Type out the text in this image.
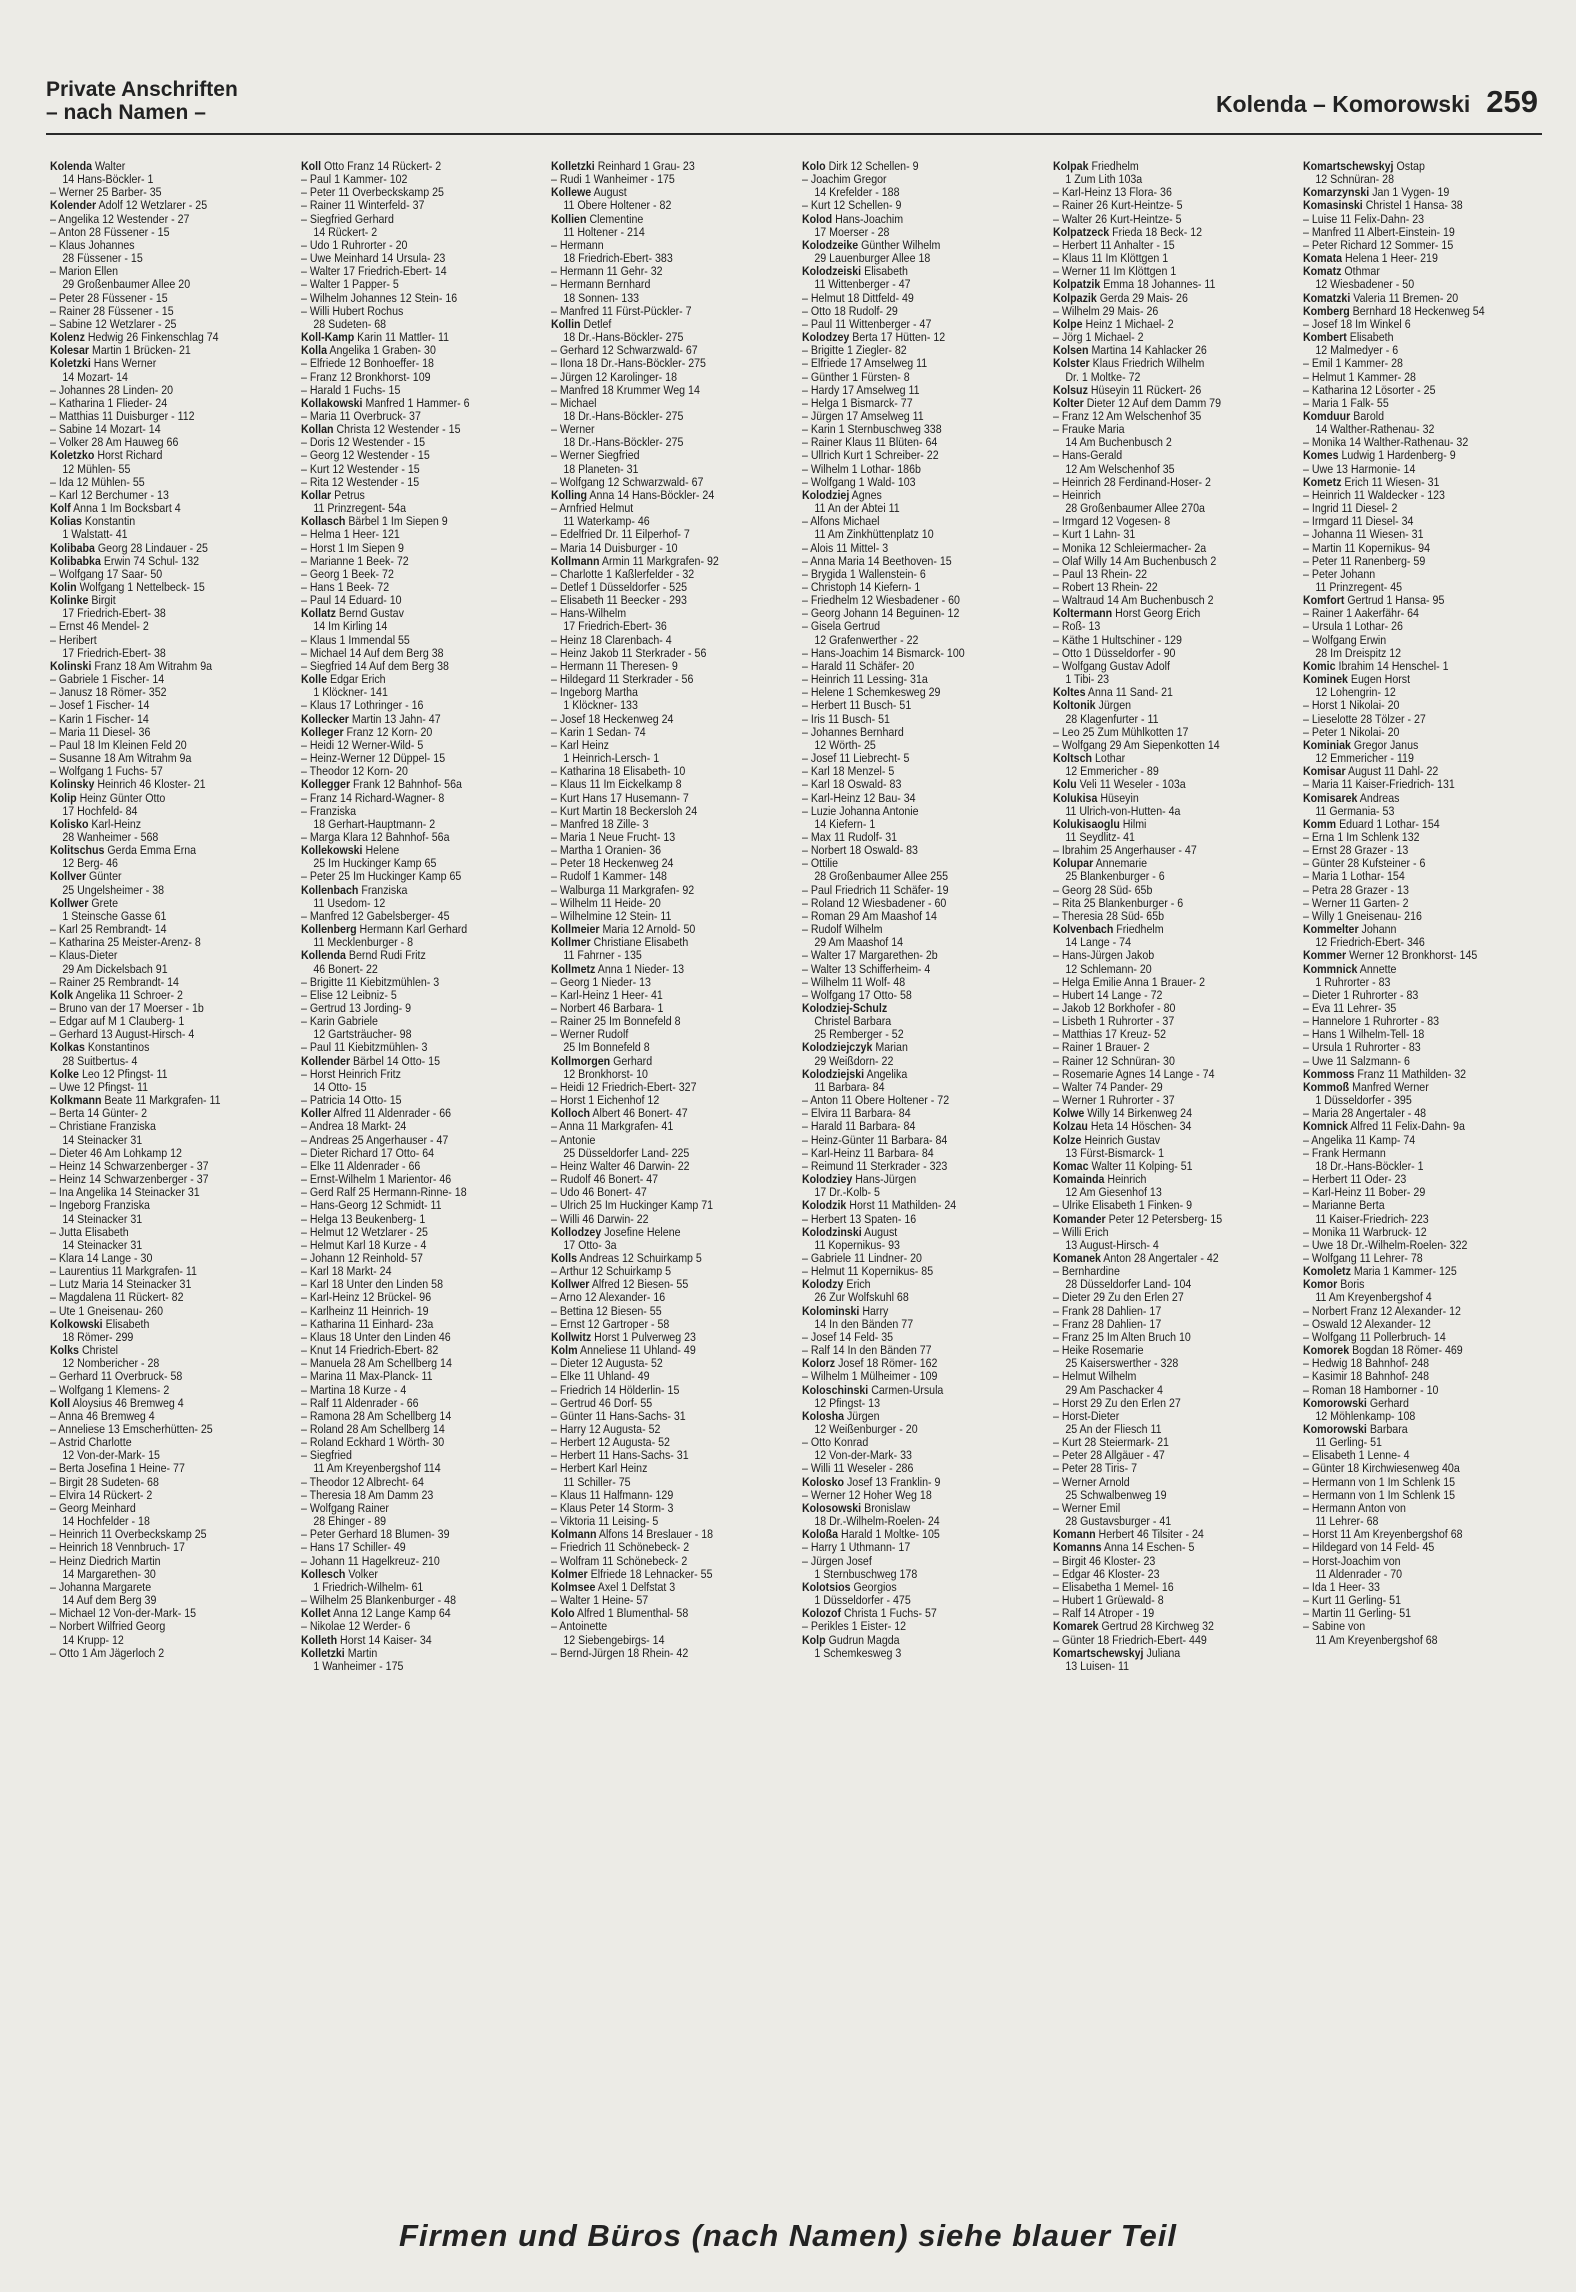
Private Anschriften
– nach Namen –	Kolenda – Komorowski 259
Kolenda Walter
14 Hans-Böckler- 1
– Werner 25 Barber- 35
Kolender Adolf 12 Wetzlarer - 25
– Angelika 12 Westender - 27
– Anton 28 Füssener - 15
– Klaus Johannes
28 Füssener - 15
– Marion Ellen
29 Großenbaumer Allee 20
– Peter 28 Füssener - 15
– Rainer 28 Füssener - 15
– Sabine 12 Wetzlarer - 25
Kolenz Hedwig 26 Finkenschlag 74
Kolesar Martin 1 Brücken- 21
Koletzki Hans Werner
14 Mozart- 14
– Johannes 28 Linden- 20
– Katharina 1 Flieder- 24
– Matthias 11 Duisburger - 112
– Sabine 14 Mozart- 14
– Volker 28 Am Hauweg 66
Koletzko Horst Richard
12 Mühlen- 55
– Ida 12 Mühlen- 55
– Karl 12 Berchumer - 13
Kolf Anna 1 Im Bocksbart 4
Kolias Konstantin
1 Walstatt- 41
Kolibaba Georg 28 Lindauer - 25
Kolibabka Erwin 74 Schul- 132
– Wolfgang 17 Saar- 50
Kolin Wolfgang 1 Nettelbeck- 15
Kolinke Birgit
17 Friedrich-Ebert- 38
– Ernst 46 Mendel- 2
– Heribert
17 Friedrich-Ebert- 38
Kolinski Franz 18 Am Witrahm 9a
– Gabriele 1 Fischer- 14
– Janusz 18 Römer- 352
– Josef 1 Fischer- 14
– Karin 1 Fischer- 14
– Maria 11 Diesel- 36
– Paul 18 Im Kleinen Feld 20
– Susanne 18 Am Witrahm 9a
– Wolfgang 1 Fuchs- 57
Kolinsky Heinrich 46 Kloster- 21
Kolip Heinz Günter Otto
17 Hochfeld- 84
Kolisko Karl-Heinz
28 Wanheimer - 568
Kolitschus Gerda Emma Erna
12 Berg- 46
Kollver Günter
25 Ungelsheimer - 38
Kollwer Grete
1 Steinsche Gasse 61
– Karl 25 Rembrandt- 14
– Katharina 25 Meister-Arenz- 8
– Klaus-Dieter
29 Am Dickelsbach 91
– Rainer 25 Rembrandt- 14
Kolk Angelika 11 Schroer- 2
– Bruno van der 17 Moerser - 1b
– Edgar auf M 1 Clauberg- 1
– Gerhard 13 August-Hirsch- 4
Kolkas Konstantinos
28 Suitbertus- 4
Kolke Leo 12 Pfingst- 11
– Uwe 12 Pfingst- 11
Kolkmann Beate 11 Markgrafen- 11
– Berta 14 Günter- 2
– Christiane Franziska
14 Steinacker 31
– Dieter 46 Am Lohkamp 12
– Heinz 14 Schwarzenberger - 37
– Heinz 14 Schwarzenberger - 37
– Ina Angelika 14 Steinacker 31
– Ingeborg Franziska
14 Steinacker 31
– Jutta Elisabeth
14 Steinacker 31
– Klara 14 Lange - 30
– Laurentius 11 Markgrafen- 11
– Lutz Maria 14 Steinacker 31
– Magdalena 11 Rückert- 82
– Ute 1 Gneisenau- 260
Kolkowski Elisabeth
18 Römer- 299
Kolks Christel
12 Nombericher - 28
– Gerhard 11 Overbruck- 58
– Wolfgang 1 Klemens- 2
Koll Aloysius 46 Bremweg 4
– Anna 46 Bremweg 4
– Anneliese 13 Emscherhütten- 25
– Astrid Charlotte
12 Von-der-Mark- 15
– Berta Josefina 1 Heine- 77
– Birgit 28 Sudeten- 68
– Elvira 14 Rückert- 2
– Georg Meinhard
14 Hochfelder - 18
– Heinrich 11 Overbeckskamp 25
– Heinrich 18 Vennbruch- 17
– Heinz Diedrich Martin
14 Margarethen- 30
– Johanna Margarete
14 Auf dem Berg 39
– Michael 12 Von-der-Mark- 15
– Norbert Wilfried Georg
14 Krupp- 12
– Otto 1 Am Jägerloch 2
Koll Otto Franz 14 Rückert- 2
– Paul 1 Kammer- 102
– Peter 11 Overbeckskamp 25
– Rainer 11 Winterfeld- 37
– Siegfried Gerhard
14 Rückert- 2
– Udo 1 Ruhrorter - 20
– Uwe Meinhard 14 Ursula- 23
– Walter 17 Friedrich-Ebert- 14
– Walter 1 Papper- 5
– Wilhelm Johannes 12 Stein- 16
– Willi Hubert Rochus
28 Sudeten- 68
Koll-Kamp Karin 11 Mattler- 11
Kolla Angelika 1 Graben- 30
– Elfriede 12 Bonhoeffer- 18
– Franz 12 Bronkhorst- 109
– Harald 1 Fuchs- 15
Kollakowski Manfred 1 Hammer- 6
– Maria 11 Overbruck- 37
Kollan Christa 12 Westender - 15
– Doris 12 Westender - 15
– Georg 12 Westender - 15
– Kurt 12 Westender - 15
– Rita 12 Westender - 15
Kollar Petrus
11 Prinzregent- 54a
Kollasch Bärbel 1 Im Siepen 9
– Helma 1 Heer- 121
– Horst 1 Im Siepen 9
– Marianne 1 Beek- 72
– Georg 1 Beek- 72
– Hans 1 Beek- 72
– Paul 14 Eduard- 10
Kollatz Bernd Gustav
14 Im Kirling 14
– Klaus 1 Immendal 55
– Michael 14 Auf dem Berg 38
– Siegfried 14 Auf dem Berg 38
Kolle Edgar Erich
1 Klöckner- 141
– Klaus 17 Lothringer - 16
Kollecker Martin 13 Jahn- 47
Kolleger Franz 12 Korn- 20
– Heidi 12 Werner-Wild- 5
– Heinz-Werner 12 Düppel- 15
– Theodor 12 Korn- 20
Kollegger Frank 12 Bahnhof- 56a
– Franz 14 Richard-Wagner- 8
– Franziska
18 Gerhart-Hauptmann- 2
– Marga Klara 12 Bahnhof- 56a
Kollekowski Helene
25 Im Huckinger Kamp 65
– Peter 25 Im Huckinger Kamp 65
Kollenbach Franziska
11 Usedom- 12
– Manfred 12 Gabelsberger- 45
Kollenberg Hermann Karl Gerhard
11 Mecklenburger - 8
Kollenda Bernd Rudi Fritz
46 Bonert- 22
– Brigitte 11 Kiebitzmühlen- 3
– Elise 12 Leibniz- 5
– Gertrud 13 Jording- 9
– Karin Gabriele
12 Gartsträucher- 98
– Paul 11 Kiebitzmühlen- 3
Kollender Bärbel 14 Otto- 15
– Horst Heinrich Fritz
14 Otto- 15
– Patricia 14 Otto- 15
Koller Alfred 11 Aldenrader - 66
– Andrea 18 Markt- 24
– Andreas 25 Angerhauser - 47
– Dieter Richard 17 Otto- 64
– Elke 11 Aldenrader - 66
– Ernst-Wilhelm 1 Marientor- 46
– Gerd Ralf 25 Hermann-Rinne- 18
– Hans-Georg 12 Schmidt- 11
– Helga 13 Beukenberg- 1
– Helmut 12 Wetzlarer - 25
– Helmut Karl 18 Kurze - 4
– Johann 12 Reinhold- 57
– Karl 18 Markt- 24
– Karl 18 Unter den Linden 58
– Karl-Heinz 12 Brückel- 96
– Karlheinz 11 Heinrich- 19
– Katharina 11 Einhard- 23a
– Klaus 18 Unter den Linden 46
– Knut 14 Friedrich-Ebert- 82
– Manuela 28 Am Schellberg 14
– Marina 11 Max-Planck- 11
– Martina 18 Kurze - 4
– Ralf 11 Aldenrader - 66
– Ramona 28 Am Schellberg 14
– Roland 28 Am Schellberg 14
– Roland Eckhard 1 Wörth- 30
– Siegfried
11 Am Kreyenbergshof 114
– Theodor 12 Albrecht- 64
– Theresia 18 Am Damm 23
– Wolfgang Rainer
28 Ehinger - 89
– Peter Gerhard 18 Blumen- 39
– Hans 17 Schiller- 49
– Johann 11 Hagelkreuz- 210
Kollesch Volker
1 Friedrich-Wilhelm- 61
– Wilhelm 25 Blankenburger - 48
Kollet Anna 12 Lange Kamp 64
– Nikolae 12 Werder- 6
Kolleth Horst 14 Kaiser- 34
Kolletzki Martin
1 Wanheimer - 175
Kolletzki Reinhard 1 Grau- 23
– Rudi 1 Wanheimer - 175
Kollewe August
11 Obere Holtener - 82
Kollien Clementine
11 Holtener - 214
– Hermann
18 Friedrich-Ebert- 383
– Hermann 11 Gehr- 32
– Hermann Bernhard
18 Sonnen- 133
– Manfred 11 Fürst-Pückler- 7
Kollin Detlef
18 Dr.-Hans-Böckler- 275
– Gerhard 12 Schwarzwald- 67
– Ilona 18 Dr.-Hans-Böckler- 275
– Jürgen 12 Karolinger- 18
– Manfred 18 Krummer Weg 14
– Michael
18 Dr.-Hans-Böckler- 275
– Werner
18 Dr.-Hans-Böckler- 275
– Werner Siegfried
18 Planeten- 31
– Wolfgang 12 Schwarzwald- 67
Kolling Anna 14 Hans-Böckler- 24
– Arnfried Helmut
11 Waterkamp- 46
– Edelfried Dr. 11 Eilperhof- 7
– Maria 14 Duisburger - 10
Kollmann Armin 11 Markgrafen- 92
– Charlotte 1 Kaßlerfelder - 32
– Detlef 1 Düsseldorfer - 525
– Elisabeth 11 Beecker - 293
– Hans-Wilhelm
17 Friedrich-Ebert- 36
– Heinz 18 Clarenbach- 4
– Heinz Jakob 11 Sterkrader - 56
– Hermann 11 Theresen- 9
– Hildegard 11 Sterkrader - 56
– Ingeborg Martha
1 Klöckner- 133
– Josef 18 Heckenweg 24
– Karin 1 Sedan- 74
– Karl Heinz
1 Heinrich-Lersch- 1
– Katharina 18 Elisabeth- 10
– Klaus 11 Im Eickelkamp 8
– Kurt Hans 17 Husemann- 7
– Kurt Martin 18 Beckersloh 24
– Manfred 18 Zille- 3
– Maria 1 Neue Frucht- 13
– Martha 1 Oranien- 36
– Peter 18 Heckenweg 24
– Rudolf 1 Kammer- 148
– Walburga 11 Markgrafen- 92
– Wilhelm 11 Heide- 20
– Wilhelmine 12 Stein- 11
Kollmeier Maria 12 Arnold- 50
Kollmer Christiane Elisabeth
11 Fahrner - 135
Kollmetz Anna 1 Nieder- 13
– Georg 1 Nieder- 13
– Karl-Heinz 1 Heer- 41
– Norbert 46 Barbara- 1
– Rainer 25 Im Bonnefeld 8
– Werner Rudolf
25 Im Bonnefeld 8
Kollmorgen Gerhard
12 Bronkhorst- 10
– Heidi 12 Friedrich-Ebert- 327
– Horst 1 Eichenhof 12
Kolloch Albert 46 Bonert- 47
– Anna 11 Markgrafen- 41
– Antonie
25 Düsseldorfer Land- 225
– Heinz Walter 46 Darwin- 22
– Rudolf 46 Bonert- 47
– Udo 46 Bonert- 47
– Ulrich 25 Im Huckinger Kamp 71
– Willi 46 Darwin- 22
Kollodzey Josefine Helene
17 Otto- 3a
Kolls Andreas 12 Schuirkamp 5
– Arthur 12 Schuirkamp 5
Kollwer Alfred 12 Biesen- 55
– Arno 12 Alexander- 16
– Bettina 12 Biesen- 55
– Ernst 12 Gartroper - 58
Kollwitz Horst 1 Pulverweg 23
Kolm Anneliese 11 Uhland- 49
– Dieter 12 Augusta- 52
– Elke 11 Uhland- 49
– Friedrich 14 Hölderlin- 15
– Gertrud 46 Dorf- 55
– Günter 11 Hans-Sachs- 31
– Harry 12 Augusta- 52
– Herbert 12 Augusta- 52
– Herbert 11 Hans-Sachs- 31
– Herbert Karl Heinz
11 Schiller- 75
– Klaus 11 Halfmann- 129
– Klaus Peter 14 Storm- 3
– Viktoria 11 Leising- 5
Kolmann Alfons 14 Breslauer - 18
– Friedrich 11 Schönebeck- 2
– Wolfram 11 Schönebeck- 2
Kolmer Elfriede 18 Lehnacker- 55
Kolmsee Axel 1 Delfstat 3
– Walter 1 Heine- 57
Kolo Alfred 1 Blumenthal- 58
– Antoinette
12 Siebengebirgs- 14
– Bernd-Jürgen 18 Rhein- 42
Kolo Dirk 12 Schellen- 9
– Joachim Gregor
14 Krefelder - 188
– Kurt 12 Schellen- 9
Kolod Hans-Joachim
17 Moerser - 28
Kolodzeike Günther Wilhelm
29 Lauenburger Allee 18
Kolodzeiski Elisabeth
11 Wittenberger - 47
– Helmut 18 Dittfeld- 49
– Otto 18 Rudolf- 29
– Paul 11 Wittenberger - 47
Kolodzey Berta 17 Hütten- 12
– Brigitte 1 Ziegler- 82
– Elfriede 17 Amselweg 11
– Günther 1 Fürsten- 8
– Hardy 17 Amselweg 11
– Helga 1 Bismarck- 77
– Jürgen 17 Amselweg 11
– Karin 1 Sternbuschweg 338
– Rainer Klaus 11 Blüten- 64
– Ullrich Kurt 1 Schreiber- 22
– Wilhelm 1 Lothar- 186b
– Wolfgang 1 Wald- 103
Kolodziej Agnes
11 An der Abtei 11
– Alfons Michael
11 Am Zinkhüttenplatz 10
– Alois 11 Mittel- 3
– Anna Maria 14 Beethoven- 15
– Brygida 1 Wallenstein- 6
– Christoph 14 Kiefern- 1
– Friedhelm 12 Wiesbadener - 60
– Georg Johann 14 Beguinen- 12
– Gisela Gertrud
12 Grafenwerther - 22
– Hans-Joachim 14 Bismarck- 100
– Harald 11 Schäfer- 20
– Heinrich 11 Lessing- 31a
– Helene 1 Schemkesweg 29
– Herbert 11 Busch- 51
– Iris 11 Busch- 51
– Johannes Bernhard
12 Wörth- 25
– Josef 11 Liebrecht- 5
– Karl 18 Menzel- 5
– Karl 18 Oswald- 83
– Karl-Heinz 12 Bau- 34
– Luzie Johanna Antonie
14 Kiefern- 1
– Max 11 Rudolf- 31
– Norbert 18 Oswald- 83
– Ottilie
28 Großenbaumer Allee 255
– Paul Friedrich 11 Schäfer- 19
– Roland 12 Wiesbadener - 60
– Roman 29 Am Maashof 14
– Rudolf Wilhelm
29 Am Maashof 14
– Walter 17 Margarethen- 2b
– Walter 13 Schifferheim- 4
– Wilhelm 11 Wolf- 48
– Wolfgang 17 Otto- 58
Kolodziej-Schulz
Christel Barbara
25 Remberger - 52
Kolodziejczyk Marian
29 Weißdorn- 22
Kolodziejski Angelika
11 Barbara- 84
– Anton 11 Obere Holtener - 72
– Elvira 11 Barbara- 84
– Harald 11 Barbara- 84
– Heinz-Günter 11 Barbara- 84
– Karl-Heinz 11 Barbara- 84
– Reimund 11 Sterkrader - 323
Kolodziey Hans-Jürgen
17 Dr.-Kolb- 5
Kolodzik Horst 11 Mathilden- 24
– Herbert 13 Spaten- 16
Kolodzinski August
11 Kopernikus- 93
– Gabriele 11 Lindner- 20
– Helmut 11 Kopernikus- 85
Kolodzy Erich
26 Zur Wolfskuhl 68
Kolominski Harry
14 In den Bänden 77
– Josef 14 Feld- 35
– Ralf 14 In den Bänden 77
Kolorz Josef 18 Römer- 162
– Wilhelm 1 Mülheimer - 109
Koloschinski Carmen-Ursula
12 Pfingst- 13
Kolosha Jürgen
12 Weißenburger - 20
– Otto Konrad
12 Von-der-Mark- 33
– Willi 11 Weseler - 286
Kolosko Josef 13 Franklin- 9
– Werner 12 Hoher Weg 18
Kolosowski Bronislaw
18 Dr.-Wilhelm-Roelen- 24
Koloßa Harald 1 Moltke- 105
– Harry 1 Uthmann- 17
– Jürgen Josef
1 Sternbuschweg 178
Kolotsios Georgios
1 Düsseldorfer - 475
Kolozof Christa 1 Fuchs- 57
– Perikles 1 Eister- 12
Kolp Gudrun Magda
1 Schemkesweg 3
Kolpak Friedhelm
1 Zum Lith 103a
– Karl-Heinz 13 Flora- 36
– Rainer 26 Kurt-Heintze- 5
– Walter 26 Kurt-Heintze- 5
Kolpatzeck Frieda 18 Beck- 12
– Herbert 11 Anhalter - 15
– Klaus 11 Im Klöttgen 1
– Werner 11 Im Klöttgen 1
Kolpatzik Emma 18 Johannes- 11
Kolpazik Gerda 29 Mais- 26
– Wilhelm 29 Mais- 26
Kolpe Heinz 1 Michael- 2
– Jörg 1 Michael- 2
Kolsen Martina 14 Kahlacker 26
Kolster Klaus Friedrich Wilhelm
Dr. 1 Moltke- 72
Kolsuz Hüseyin 11 Rückert- 26
Kolter Dieter 12 Auf dem Damm 79
– Franz 12 Am Welschenhof 35
– Frauke Maria
14 Am Buchenbusch 2
– Hans-Gerald
12 Am Welschenhof 35
– Heinrich 28 Ferdinand-Hoser- 2
– Heinrich
28 Großenbaumer Allee 270a
– Irmgard 12 Vogesen- 8
– Kurt 1 Lahn- 31
– Monika 12 Schleiermacher- 2a
– Olaf Willy 14 Am Buchenbusch 2
– Paul 13 Rhein- 22
– Robert 13 Rhein- 22
– Waltraud 14 Am Buchenbusch 2
Koltermann Horst Georg Erich
– Roß- 13
– Käthe 1 Hultschiner - 129
– Otto 1 Düsseldorfer - 90
– Wolfgang Gustav Adolf
1 Tibi- 23
Koltes Anna 11 Sand- 21
Koltonik Jürgen
28 Klagenfurter - 11
– Leo 25 Zum Mühlkotten 17
– Wolfgang 29 Am Siepenkotten 14
Koltsch Lothar
12 Emmericher - 89
Kolu Veli 11 Weseler - 103a
Kolukisa Hüseyin
11 Ulrich-von-Hutten- 4a
Kolukisaoglu Hilmi
11 Seydlitz- 41
– Ibrahim 25 Angerhauser - 47
Kolupar Annemarie
25 Blankenburger - 6
– Georg 28 Süd- 65b
– Rita 25 Blankenburger - 6
– Theresia 28 Süd- 65b
Kolvenbach Friedhelm
14 Lange - 74
– Hans-Jürgen Jakob
12 Schlemann- 20
– Helga Emilie Anna 1 Brauer- 2
– Hubert 14 Lange - 72
– Jakob 12 Borkhofer - 80
– Lisbeth 1 Ruhrorter - 37
– Matthias 17 Kreuz- 52
– Rainer 1 Brauer- 2
– Rainer 12 Schnüran- 30
– Rosemarie Agnes 14 Lange - 74
– Walter 74 Pander- 29
– Werner 1 Ruhrorter - 37
Kolwe Willy 14 Birkenweg 24
Kolzau Heta 14 Höschen- 34
Kolze Heinrich Gustav
13 Fürst-Bismarck- 1
Komac Walter 11 Kolping- 51
Komainda Heinrich
12 Am Giesenhof 13
– Ulrike Elisabeth 1 Finken- 9
Komander Peter 12 Petersberg- 15
– Willi Erich
13 August-Hirsch- 4
Komanek Anton 28 Angertaler - 42
– Bernhardine
28 Düsseldorfer Land- 104
– Dieter 29 Zu den Erlen 27
– Frank 28 Dahlien- 17
– Franz 28 Dahlien- 17
– Franz 25 Im Alten Bruch 10
– Heike Rosemarie
25 Kaiserswerther - 328
– Helmut Wilhelm
29 Am Paschacker 4
– Horst 29 Zu den Erlen 27
– Horst-Dieter
25 An der Fliesch 11
– Kurt 28 Steiermark- 21
– Peter 28 Allgäuer - 47
– Peter 28 Tiris- 7
– Werner Arnold
25 Schwalbenweg 19
– Werner Emil
28 Gustavsburger - 41
Komann Herbert 46 Tilsiter - 24
Komanns Anna 14 Eschen- 5
– Birgit 46 Kloster- 23
– Edgar 46 Kloster- 23
– Elisabetha 1 Memel- 16
– Hubert 1 Grüewald- 8
– Ralf 14 Atroper - 19
Komarek Gertrud 28 Kirchweg 32
– Günter 18 Friedrich-Ebert- 449
Komartschewskyj Juliana
13 Luisen- 11
Komartschewskyj Ostap
12 Schnüran- 28
Komarzynski Jan 1 Vygen- 19
Komasinski Christel 1 Hansa- 38
– Luise 11 Felix-Dahn- 23
– Manfred 11 Albert-Einstein- 19
– Peter Richard 12 Sommer- 15
Komata Helena 1 Heer- 219
Komatz Othmar
12 Wiesbadener - 50
Komatzki Valeria 11 Bremen- 20
Komberg Bernhard 18 Heckenweg 54
– Josef 18 Im Winkel 6
Kombert Elisabeth
12 Malmedyer - 6
– Emil 1 Kammer- 28
– Helmut 1 Kammer- 28
– Katharina 12 Lösorter - 25
– Maria 1 Falk- 55
Komduur Barold
14 Walther-Rathenau- 32
– Monika 14 Walther-Rathenau- 32
Komes Ludwig 1 Hardenberg- 9
– Uwe 13 Harmonie- 14
Kometz Erich 11 Wiesen- 31
– Heinrich 11 Waldecker - 123
– Ingrid 11 Diesel- 2
– Irmgard 11 Diesel- 34
– Johanna 11 Wiesen- 31
– Martin 11 Kopernikus- 94
– Peter 11 Ranenberg- 59
– Peter Johann
11 Prinzregent- 45
Komfort Gertrud 1 Hansa- 95
– Rainer 1 Aakerfähr- 64
– Ursula 1 Lothar- 26
– Wolfgang Erwin
28 Im Dreispitz 12
Komic Ibrahim 14 Henschel- 1
Kominek Eugen Horst
12 Lohengrin- 12
– Horst 1 Nikolai- 20
– Lieselotte 28 Tölzer - 27
– Peter 1 Nikolai- 20
Kominiak Gregor Janus
12 Emmericher - 119
Komisar August 11 Dahl- 22
– Maria 11 Kaiser-Friedrich- 131
Komisarek Andreas
11 Germania- 53
Komm Eduard 1 Lothar- 154
– Erna 1 Im Schlenk 132
– Ernst 28 Grazer - 13
– Günter 28 Kufsteiner - 6
– Maria 1 Lothar- 154
– Petra 28 Grazer - 13
– Werner 11 Garten- 2
– Willy 1 Gneisenau- 216
Kommelter Johann
12 Friedrich-Ebert- 346
Kommer Werner 12 Bronkhorst- 145
Kommnick Annette
1 Ruhrorter - 83
– Dieter 1 Ruhrorter - 83
– Eva 11 Lehrer- 35
– Hannelore 1 Ruhrorter - 83
– Hans 1 Wilhelm-Tell- 18
– Ursula 1 Ruhrorter - 83
– Uwe 11 Salzmann- 6
Kommoss Franz 11 Mathilden- 32
Kommoß Manfred Werner
1 Düsseldorfer - 395
– Maria 28 Angertaler - 48
Komnick Alfred 11 Felix-Dahn- 9a
– Angelika 11 Kamp- 74
– Frank Hermann
18 Dr.-Hans-Böckler- 1
– Herbert 11 Oder- 23
– Karl-Heinz 11 Bober- 29
– Marianne Berta
11 Kaiser-Friedrich- 223
– Monika 11 Warbruck- 12
– Uwe 18 Dr.-Wilhelm-Roelen- 322
– Wolfgang 11 Lehrer- 78
Komoletz Maria 1 Kammer- 125
Komor Boris
11 Am Kreyenbergshof 4
– Norbert Franz 12 Alexander- 12
– Oswald 12 Alexander- 12
– Wolfgang 11 Pollerbruch- 14
Komorek Bogdan 18 Römer- 469
– Hedwig 18 Bahnhof- 248
– Kasimir 18 Bahnhof- 248
– Roman 18 Hamborner - 10
Komorowski Gerhard
12 Möhlenkamp- 108
Komorowski Barbara
11 Gerling- 51
– Elisabeth 1 Lenne- 4
– Günter 18 Kirchwiesenweg 40a
– Hermann von 1 Im Schlenk 15
– Hermann von 1 Im Schlenk 15
– Hermann Anton von
11 Lehrer- 68
– Horst 11 Am Kreyenbergshof 68
– Hildegard von 14 Feld- 45
– Horst-Joachim von
11 Aldenrader - 70
– Ida 1 Heer- 33
– Kurt 11 Gerling- 51
– Martin 11 Gerling- 51
– Sabine von
11 Am Kreyenbergshof 68
Firmen und Büros (nach Namen) siehe blauer Teil
